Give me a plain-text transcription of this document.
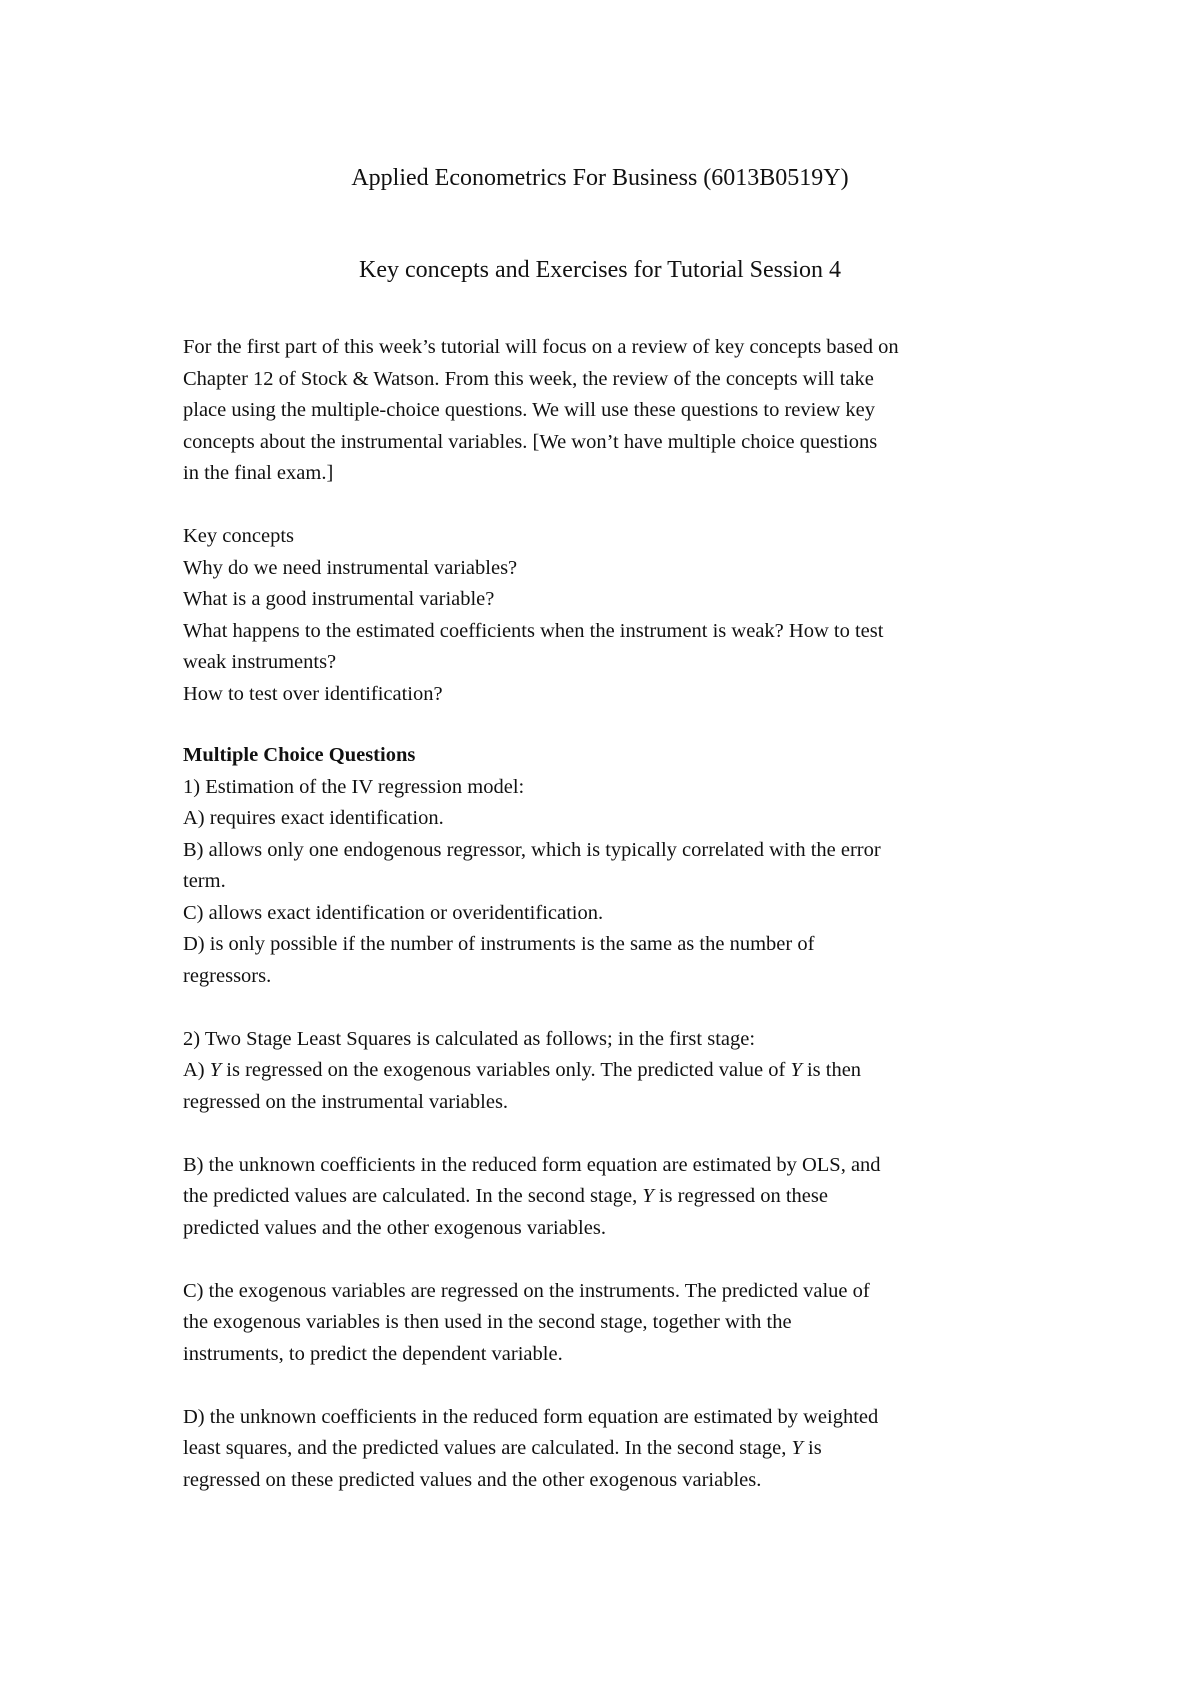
Applied Econometrics For Business (6013B0519Y)
Key concepts and Exercises for Tutorial Session 4
For the first part of this week’s tutorial will focus on a review of key concepts based on
Chapter 12 of Stock & Watson. From this week, the review of the concepts will take
place using the multiple-choice questions. We will use these questions to review key
concepts about the instrumental variables. [We won’t have multiple choice questions
in the final exam.]
Key concepts
Why do we need instrumental variables?
What is a good instrumental variable?
What happens to the estimated coefficients when the instrument is weak? How to test
weak instruments?
How to test over identification?
Multiple Choice Questions
1) Estimation of the IV regression model:
A) requires exact identification.
B) allows only one endogenous regressor, which is typically correlated with the error
term.
C) allows exact identification or overidentification.
D) is only possible if the number of instruments is the same as the number of
regressors.
2) Two Stage Least Squares is calculated as follows; in the first stage:
A) Y is regressed on the exogenous variables only. The predicted value of Y is then
regressed on the instrumental variables.
B) the unknown coefficients in the reduced form equation are estimated by OLS, and
the predicted values are calculated. In the second stage, Y is regressed on these
predicted values and the other exogenous variables.
C) the exogenous variables are regressed on the instruments. The predicted value of
the exogenous variables is then used in the second stage, together with the
instruments, to predict the dependent variable.
D) the unknown coefficients in the reduced form equation are estimated by weighted
least squares, and the predicted values are calculated. In the second stage, Y is
regressed on these predicted values and the other exogenous variables.
